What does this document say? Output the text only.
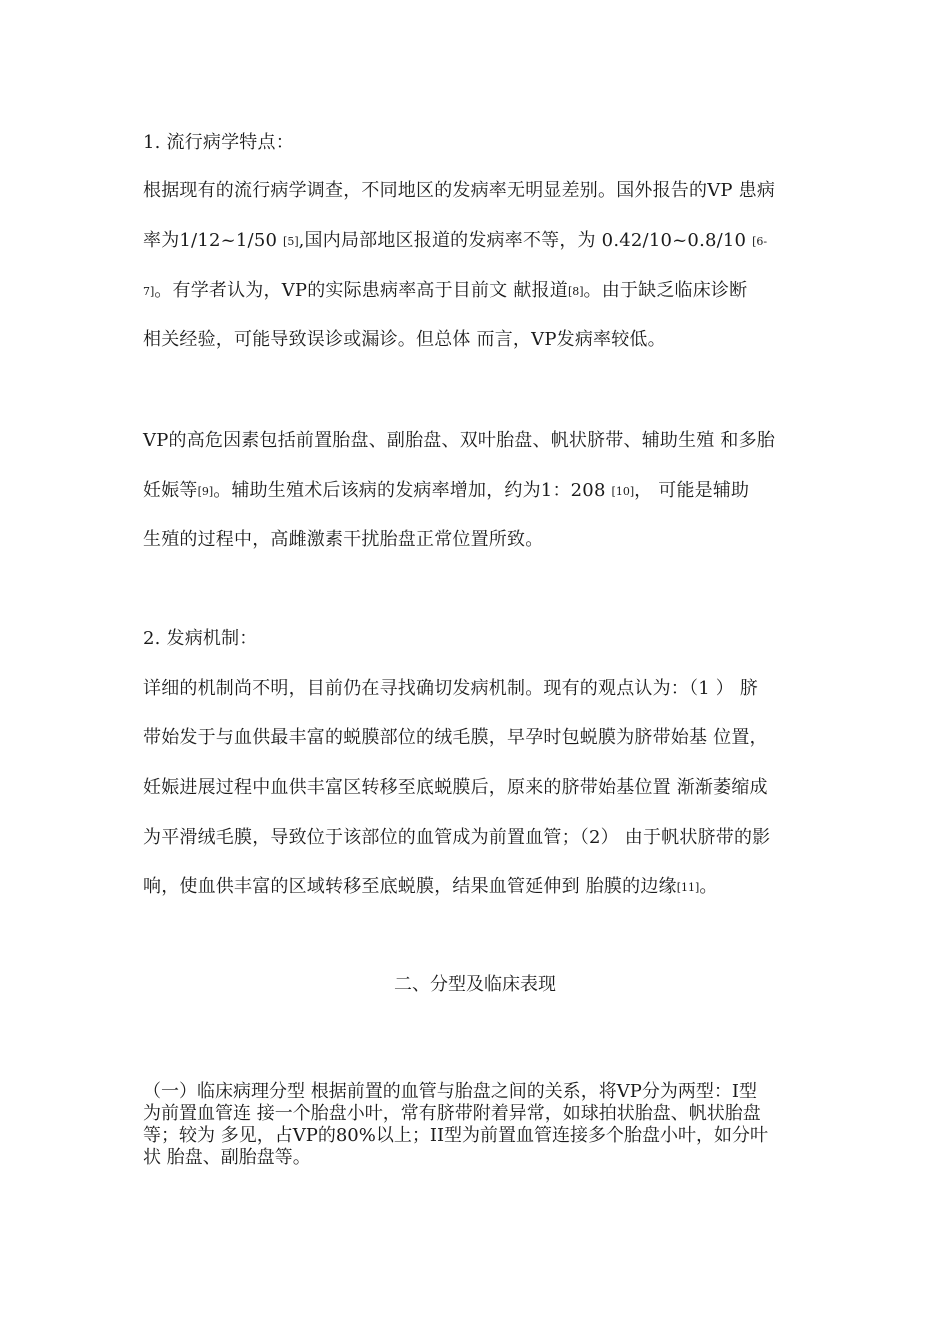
1. 流行病学特点：
根据现有的流行病学调查，不同地区的发病率无明显差别。国外报告的VP 患病
率为1/12~1/50 [5],国内局部地区报道的发病率不等，为 0.42/10~0.8/10 [6-
7]。有学者认为，VP的实际患病率高于目前文 献报道[8]。由于缺乏临床诊断
相关经验，可能导致误诊或漏诊。但总体 而言，VP发病率较低。
VP的高危因素包括前置胎盘、副胎盘、双叶胎盘、帆状脐带、辅助生殖 和多胎
妊娠等[9]。辅助生殖术后该病的发病率增加，约为1：208 [10]， 可能是辅助
生殖的过程中，高雌激素干扰胎盘正常位置所致。
2. 发病机制：
详细的机制尚不明，目前仍在寻找确切发病机制。现有的观点认为：（1 ） 脐
带始发于与血供最丰富的蜕膜部位的绒毛膜，早孕时包蜕膜为脐带始基 位置，
妊娠进展过程中血供丰富区转移至底蜕膜后，原来的脐带始基位置 渐渐萎缩成
为平滑绒毛膜，导致位于该部位的血管成为前置血管；（2） 由于帆状脐带的影
响，使血供丰富的区域转移至底蜕膜，结果血管延伸到 胎膜的边缘[11]。
二、分型及临床表现
（一）临床病理分型 根据前置的血管与胎盘之间的关系，将VP分为两型：I型
为前置血管连 接一个胎盘小叶，常有脐带附着异常，如球拍状胎盘、帆状胎盘
等；较为 多见，占VP的80%以上；II型为前置血管连接多个胎盘小叶，如分叶
状 胎盘、副胎盘等。
